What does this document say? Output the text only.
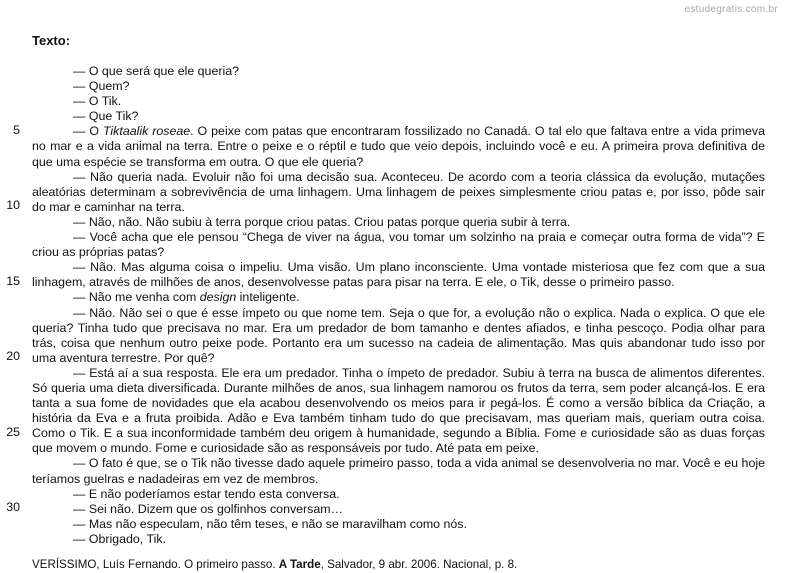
estudegratis.com.br
Texto:
5
10
15
20
25
30

— O que será que ele queria?

— Quem?

— O Tik.

— Que Tik?

— O Tiktaalik roseae. O peixe com patas que encontraram fossilizado no Canadá. O tal elo que faltava entre a vida primeva no mar e a vida animal na terra. Entre o peixe e o réptil e tudo que veio depois, incluindo você e eu. A primeira prova definitiva de que uma espécie se transforma em outra. O que ele queria?

— Não queria nada. Evoluir não foi uma decisão sua. Aconteceu. De acordo com a teoria clássica da evolução, mutações aleatórias determinam a sobrevivência de uma linhagem. Uma linhagem de peixes simplesmente criou patas e, por isso, pôde sair do mar e caminhar na terra.

— Não, não. Não subiu à terra porque criou patas. Criou patas porque queria subir à terra.

— Você acha que ele pensou “Chega de viver na água, vou tomar um solzinho na praia e começar outra forma de vida”? E criou as próprias patas?

— Não. Mas alguma coisa o impeliu. Uma visão. Um plano inconsciente. Uma vontade misteriosa que fez com que a sua linhagem, através de milhões de anos, desenvolvesse patas para pisar na terra. E ele, o Tik, desse o primeiro passo.

— Não me venha com design inteligente.

— Não. Não sei o que é esse ímpeto ou que nome tem. Seja o que for, a evolução não o explica. Nada o explica. O que ele queria? Tinha tudo que precisava no mar. Era um predador de bom tamanho e dentes afiados, e tinha pescoço. Podia olhar para trás, coisa que nenhum outro peixe pode. Portanto era um sucesso na cadeia de alimentação. Mas quis abandonar tudo isso por uma aventura terrestre. Por quê?

— Está aí a sua resposta. Ele era um predador. Tinha o ímpeto de predador. Subiu à terra na busca de alimentos diferentes. Só queria uma dieta diversificada. Durante milhões de anos, sua linhagem namorou os frutos da terra, sem poder alcançá-los. E era tanta a sua fome de novidades que ela acabou desenvolvendo os meios para ir pegá-los. É como a versão bíblica da Criação, a história da Eva e a fruta proibida. Adão e Eva também tinham tudo do que precisavam, mas queriam mais, queriam outra coisa. Como o Tik. E a sua inconformidade também deu origem à humanidade, segundo a Bíblia. Fome e curiosidade são as duas forças que movem o mundo. Fome e curiosidade são as responsáveis por tudo. Até pata em peixe.

— O fato é que, se o Tik não tivesse dado aquele primeiro passo, toda a vida animal se desenvolveria no mar. Você e eu hoje teríamos guelras e nadadeiras em vez de membros.

— E não poderíamos estar tendo esta conversa.

— Sei não. Dizem que os golfinhos conversam…

— Mas não especulam, não têm teses, e não se maravilham como nós.

— Obrigado, Tik.

VERÍSSIMO, Luís Fernando. O primeiro passo. A Tarde, Salvador, 9 abr. 2006. Nacional, p. 8.
